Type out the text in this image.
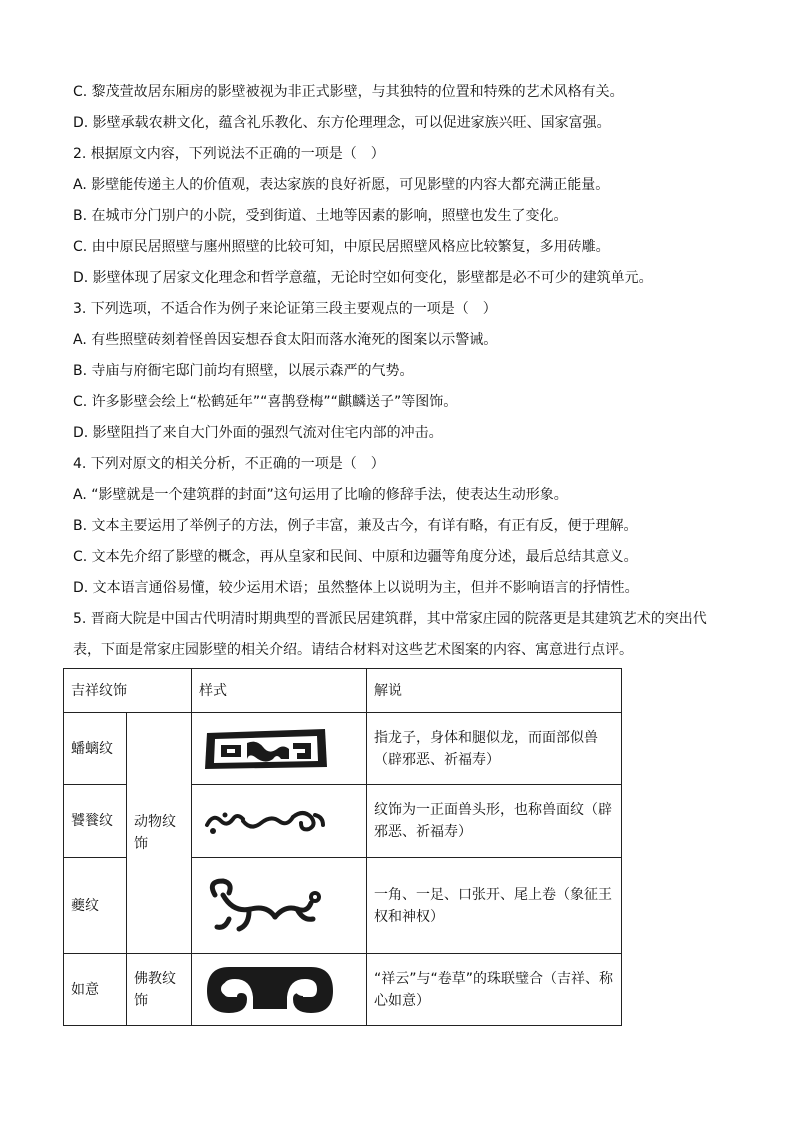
C. 黎茂萱故居东厢房的影壁被视为非正式影壁，与其独特的位置和特殊的艺术风格有关。
D. 影壁承载农耕文化，蕴含礼乐教化、东方伦理理念，可以促进家族兴旺、国家富强。
2. 根据原文内容，下列说法不正确的一项是（　）
A. 影壁能传递主人的价值观，表达家族的良好祈愿，可见影壁的内容大都充满正能量。
B. 在城市分门别户的小院，受到街道、土地等因素的影响，照壁也发生了变化。
C. 由中原民居照壁与廛州照壁的比较可知，中原民居照壁风格应比较繁复，多用砖雕。
D. 影壁体现了居家文化理念和哲学意蕴，无论时空如何变化，影壁都是必不可少的建筑单元。
3. 下列选项，不适合作为例子来论证第三段主要观点的一项是（　）
A. 有些照壁砖刻着怪兽因妄想吞食太阳而落水淹死的图案以示警诫。
B. 寺庙与府衙宅邸门前均有照壁，以展示森严的气势。
C. 许多影壁会绘上“松鹤延年”“喜鹊登梅”“麒麟送子”等图饰。
D. 影壁阻挡了来自大门外面的强烈气流对住宅内部的冲击。
4. 下列对原文的相关分析，不正确的一项是（　）
A. “影壁就是一个建筑群的封面”这句运用了比喻的修辞手法，使表达生动形象。
B. 文本主要运用了举例子的方法，例子丰富，兼及古今，有详有略，有正有反，便于理解。
C. 文本先介绍了影壁的概念，再从皇家和民间、中原和边疆等角度分述，最后总结其意义。
D. 文本语言通俗易懂，较少运用术语；虽然整体上以说明为主，但并不影响语言的抒情性。
5. 晋商大院是中国古代明清时期典型的晋派民居建筑群，其中常家庄园的院落更是其建筑艺术的突出代表，下面是常家庄园影壁的相关介绍。请结合材料对这些艺术图案的内容、寓意进行点评。
吉祥纹饰		样式	解说
蟠螭纹	动物纹饰		指龙子，身体和腿似龙，而面部似兽（辟邪恶、祈福寿）
饕餮纹			纹饰为一正面兽头形，也称兽面纹（辟邪恶、祈福寿）
夔纹			一角、一足、口张开、尾上卷（象征王权和神权）
如意	佛教纹饰		“祥云”与“卷草”的珠联璧合（吉祥、称心如意）
